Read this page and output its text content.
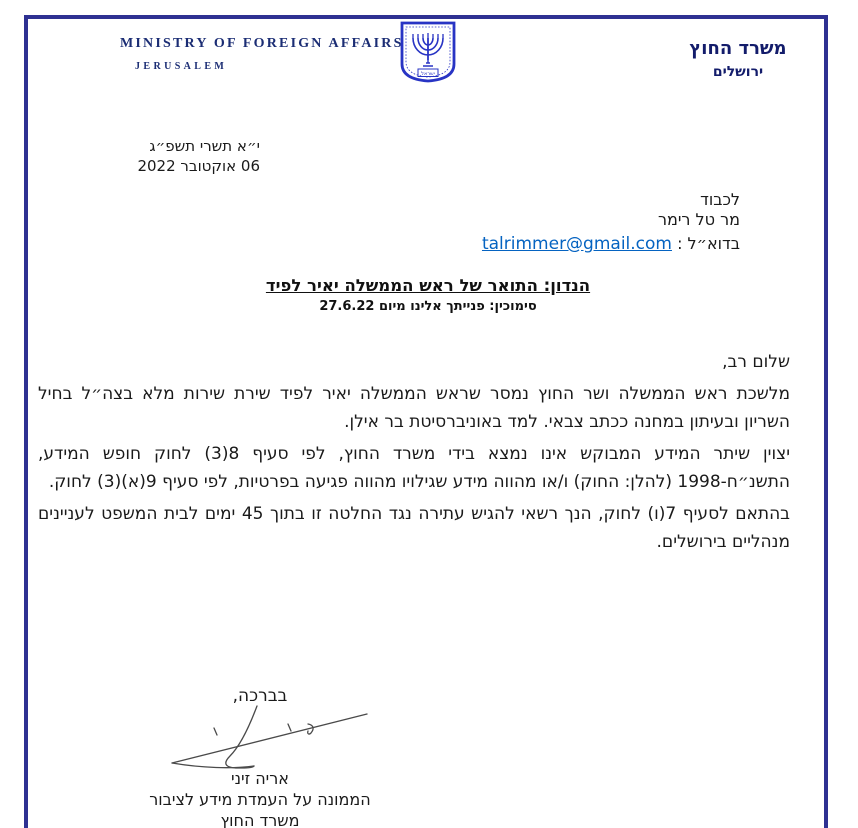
MINISTRY OF FOREIGN AFFAIRS
JERUSALEM
ישראל
משרד החוץ
ירושלים
י״א תשרי תשפ״ג
06 אוקטובר 2022
לכבוד
מר טל רימר
בדוא״ל : talrimmer@gmail.com
הנדון: התואר של ראש הממשלה יאיר לפיד
סימוכין: פנייתך אלינו מיום 27.6.22

שלום רב,

מלשכת ראש הממשלה ושר החוץ נמסר שראש הממשלה יאיר לפיד שירת שירות מלא בצה״ל בחיל השריון ובעיתון במחנה ככתב צבאי. למד באוניברסיטת בר אילן.

יצוין שיתר המידע המבוקש אינו נמצא בידי משרד החוץ, לפי סעיף 8(3) לחוק חופש המידע, התשנ״ח-1998 (להלן: החוק) ו/או מהווה מידע שגילויו מהווה פגיעה בפרטיות, לפי סעיף 9(א)(3) לחוק.

בהתאם לסעיף 7(ו) לחוק, הנך רשאי להגיש עתירה נגד החלטה זו בתוך 45 ימים לבית המשפט לעניינים מנהליים בירושלים.

בברכה,
אריה זיני
הממונה על העמדת מידע לציבור
משרד החוץ
